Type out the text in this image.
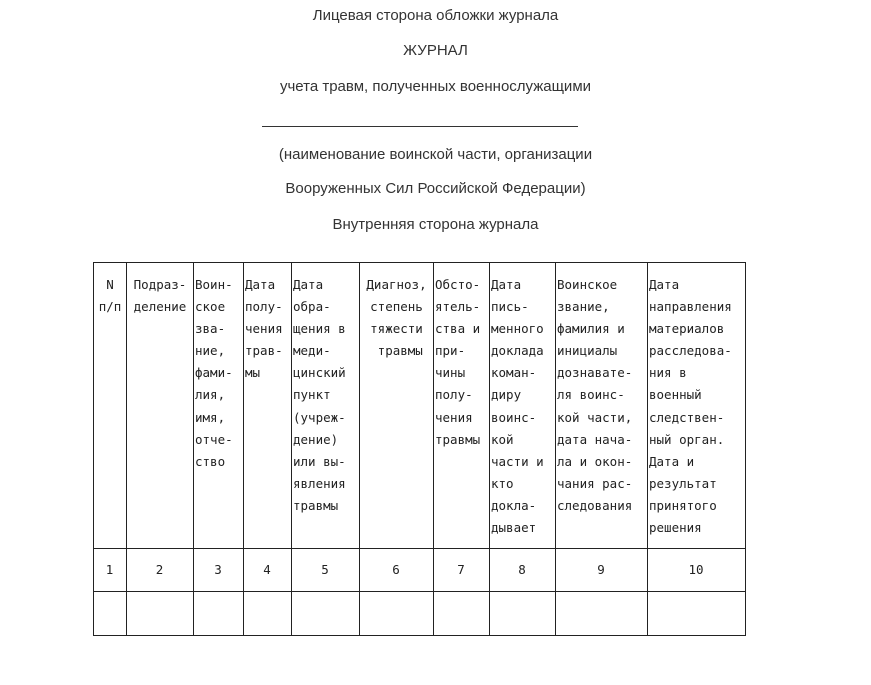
Лицевая сторона обложки журнала
ЖУРНАЛ
учета травм, полученных военнослужащими
(наименование воинской части, организации
Вооруженных Сил Российской Федерации)
Внутренняя сторона журнала
N
п/п
1
Подраз-
деление
2
Воин-
ское
зва-
ние,
фами-
лия,
имя,
отче-
ство
3
Дата
полу-
чения
трав-
мы
4
Дата
обра-
щения в
меди-
цинский
пункт
(учреж-
дение)
или вы-
явления
травмы
5
Диагноз,
степень
тяжести
травмы
6
Обсто-
ятель-
ства и
при-
чины
полу-
чения
травмы
7
Дата
пись-
менного
доклада
коман-
диру
воинс-
кой
части и
кто
докла-
дывает
8
Воинское
звание,
фамилия и
инициалы
дознавате-
ля воинс-
кой части,
дата нача-
ла и окон-
чания рас-
следования
9
Дата
направления
материалов
расследова-
ния в
военный
следствен-
ный орган.
Дата и
результат
принятого
решения
10
